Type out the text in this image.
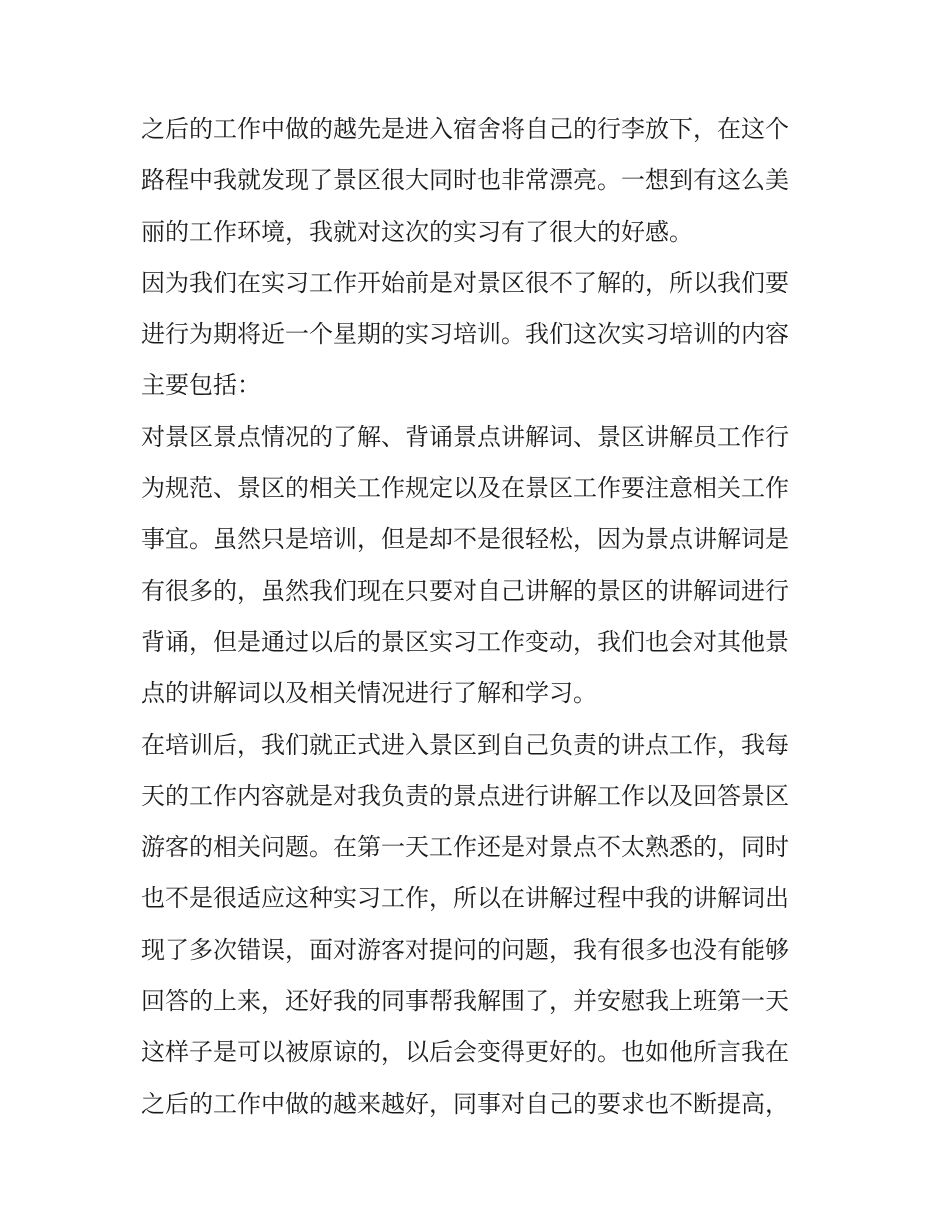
之后的工作中做的越先是进入宿舍将自己的行李放下，在这个
路程中我就发现了景区很大同时也非常漂亮。一想到有这么美
丽的工作环境，我就对这次的实习有了很大的好感。
因为我们在实习工作开始前是对景区很不了解的，所以我们要
进行为期将近一个星期的实习培训。我们这次实习培训的内容
主要包括：
对景区景点情况的了解、背诵景点讲解词、景区讲解员工作行
为规范、景区的相关工作规定以及在景区工作要注意相关工作
事宜。虽然只是培训，但是却不是很轻松，因为景点讲解词是
有很多的，虽然我们现在只要对自己讲解的景区的讲解词进行
背诵，但是通过以后的景区实习工作变动，我们也会对其他景
点的讲解词以及相关情况进行了解和学习。
在培训后，我们就正式进入景区到自己负责的讲点工作，我每
天的工作内容就是对我负责的景点进行讲解工作以及回答景区
游客的相关问题。在第一天工作还是对景点不太熟悉的，同时
也不是很适应这种实习工作，所以在讲解过程中我的讲解词出
现了多次错误，面对游客对提问的问题，我有很多也没有能够
回答的上来，还好我的同事帮我解围了，并安慰我上班第一天
这样子是可以被原谅的，以后会变得更好的。也如他所言我在
之后的工作中做的越来越好，同事对自己的要求也不断提高，
